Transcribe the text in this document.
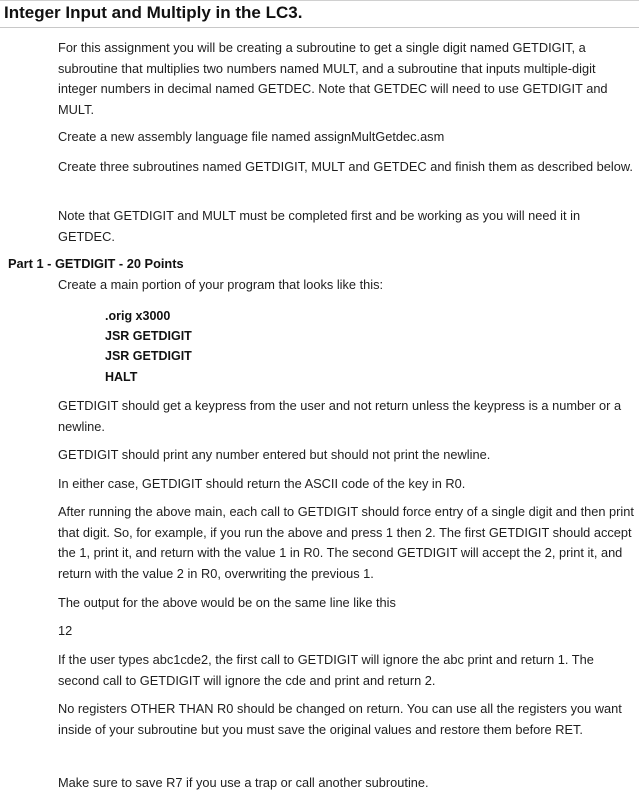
Integer Input and Multiply in the LC3.
For this assignment you will be creating a subroutine to get a single digit named GETDIGIT, a subroutine that multiplies two numbers named MULT, and a subroutine that inputs multiple-digit integer numbers in decimal named GETDEC. Note that GETDEC will need to use GETDIGIT and MULT.
Create a new assembly language file named assignMultGetdec.asm
Create three subroutines named GETDIGIT, MULT and GETDEC and finish them as described below.
Note that GETDIGIT and MULT must be completed first and be working as you will need it in GETDEC.
Part 1 - GETDIGIT - 20 Points
Create a main portion of your program that looks like this:
.orig x3000
JSR GETDIGIT
JSR GETDIGIT
HALT
GETDIGIT should get a keypress from the user and not return unless the keypress is a number or a newline.
GETDIGIT should print any number entered but should not print the newline.
In either case, GETDIGIT should return the ASCII code of the key in R0.
After running the above main, each call to GETDIGIT should force entry of a single digit and then print that digit. So, for example, if you run the above and press 1 then 2. The first GETDIGIT should accept the 1, print it, and return with the value 1 in R0. The second GETDIGIT will accept the 2, print it, and return with the value 2 in R0, overwriting the previous 1.
The output for the above would be on the same line like this
12
If the user types abc1cde2, the first call to GETDIGIT will ignore the abc print and return 1. The second call to GETDIGIT will ignore the cde and print and return 2.
No registers OTHER THAN R0 should be changed on return. You can use all the registers you want inside of your subroutine but you must save the original values and restore them before RET.
Make sure to save R7 if you use a trap or call another subroutine.
